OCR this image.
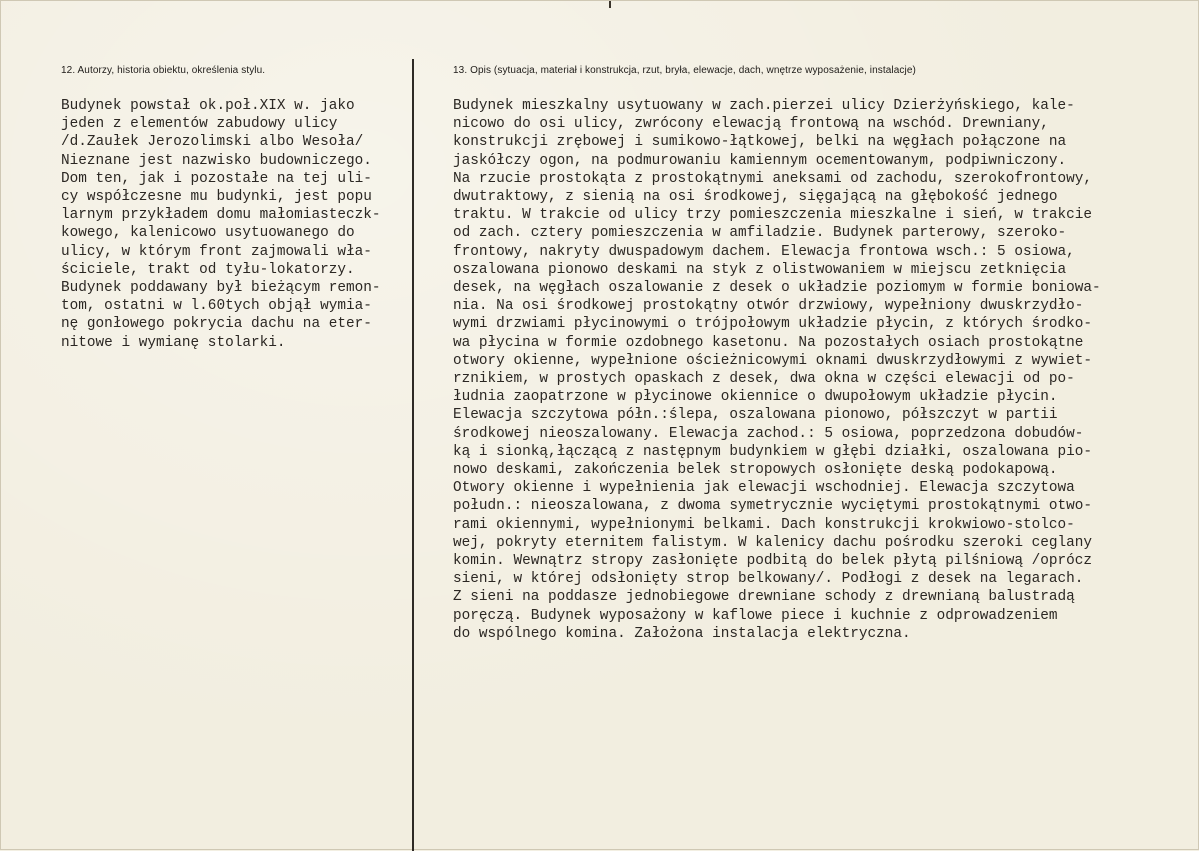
12. Autorzy, historia obiektu, określenia stylu.	13. Opis (sytuacja, materiał i konstrukcja, rzut, bryła, elewacje, dach, wnętrze wyposażenie, instalacje)
Budynek powstał ok.poł.XIX w. jako
jeden z elementów zabudowy ulicy
/d.Zaułek Jerozolimski albo Wesoła/
Nieznane jest nazwisko budowniczego.
Dom ten, jak i pozostałe na tej uli-
cy współczesne mu budynki, jest popu
larnym przykładem domu małomiasteczk-
kowego, kalenicowo usytuowanego do
ulicy, w którym front zajmowali wła-
ściciele, trakt od tyłu-lokatorzy.
Budynek poddawany był bieżącym remon-
tom, ostatni w l.60tych objął wymia-
nę gonłowego pokrycia dachu na eter-
nitowe i wymianę stolarki.
Budynek mieszkalny usytuowany w zach.pierzei ulicy Dzierżyńskiego, kale-
nicowo do osi ulicy, zwrócony elewacją frontową na wschód. Drewniany,
konstrukcji zrębowej i sumikowo-łątkowej, belki na węgłach połączone na
jaskółczy ogon, na podmurowaniu kamiennym ocementowanym, podpiwniczony.
Na rzucie prostokąta z prostokątnymi aneksami od zachodu, szerokofrontowy,
dwutraktowy, z sienią na osi środkowej, sięgającą na głębokość jednego
traktu. W trakcie od ulicy trzy pomieszczenia mieszkalne i sień, w trakcie
od zach. cztery pomieszczenia w amfiladzie. Budynek parterowy, szeroko-
frontowy, nakryty dwuspadowym dachem. Elewacja frontowa wsch.: 5 osiowa,
oszalowana pionowo deskami na styk z olistwowaniem w miejscu zetknięcia
desek, na węgłach oszalowanie z desek o układzie poziomym w formie boniowa-
nia. Na osi środkowej prostokątny otwór drzwiowy, wypełniony dwuskrzydło-
wymi drzwiami płycinowymi o trójpołowym układzie płycin, z których środko-
wa płycina w formie ozdobnego kasetonu. Na pozostałych osiach prostokątne
otwory okienne, wypełnione ościeżnicowymi oknami dwuskrzydłowymi z wywiet-
rznikiem, w prostych opaskach z desek, dwa okna w części elewacji od po-
łudnia zaopatrzone w płycinowe okiennice o dwupołowym układzie płycin.
Elewacja szczytowa półn.:ślepa, oszalowana pionowo, półszczyt w partii
środkowej nieoszalowany. Elewacja zachod.: 5 osiowa, poprzedzona dobudów-
ką i sionką,łączącą z następnym budynkiem w głębi działki, oszalowana pio-
nowo deskami, zakończenia belek stropowych osłonięte deską podokapową.
Otwory okienne i wypełnienia jak elewacji wschodniej. Elewacja szczytowa
połudn.: nieoszalowana, z dwoma symetrycznie wyciętymi prostokątnymi otwo-
rami okiennymi, wypełnionymi belkami. Dach konstrukcji krokwiowo-stolco-
wej, pokryty eternitem falistym. W kalenicy dachu pośrodku szeroki ceglany
komin. Wewnątrz stropy zasłonięte podbitą do belek płytą pilśniową /oprócz
sieni, w której odsłonięty strop belkowany/. Podłogi z desek na legarach.
Z sieni na poddasze jednobiegowe drewniane schody z drewnianą balustradą
poręczą. Budynek wyposażony w kaflowe piece i kuchnie z odprowadzeniem
do wspólnego komina. Założona instalacja elektryczna.
